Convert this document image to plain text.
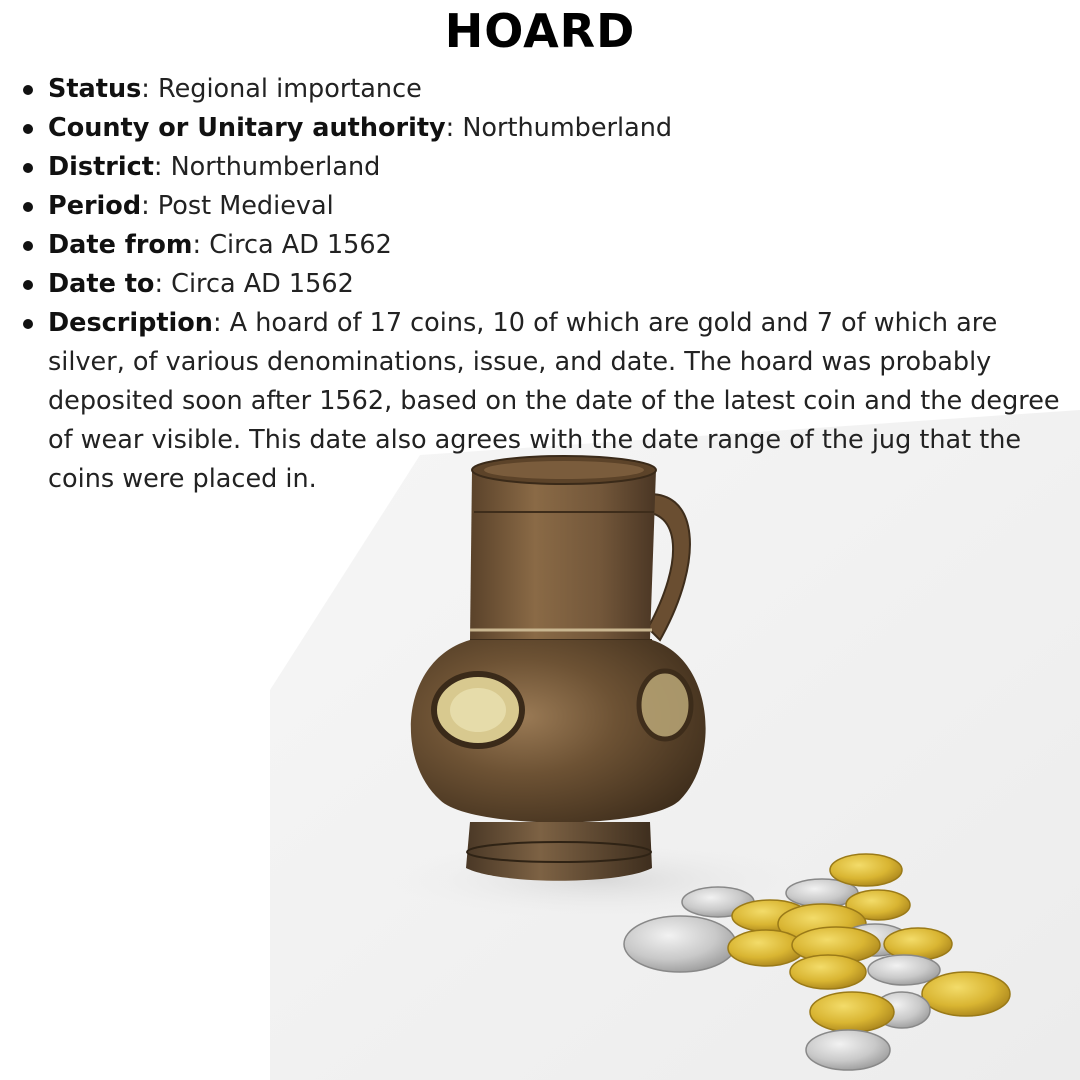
HOARD
Status: Regional importance
County or Unitary authority: Northumberland
District: Northumberland
Period: Post Medieval
Date from: Circa AD 1562
Date to: Circa AD 1562
Description: A hoard of 17 coins, 10 of which are gold and 7 of which are silver, of various denominations, issue, and date. The hoard was probably deposited soon after 1562, based on the date of the latest coin and the degree of wear visible. This date also agrees with the date range of the jug that the coins were placed in.
